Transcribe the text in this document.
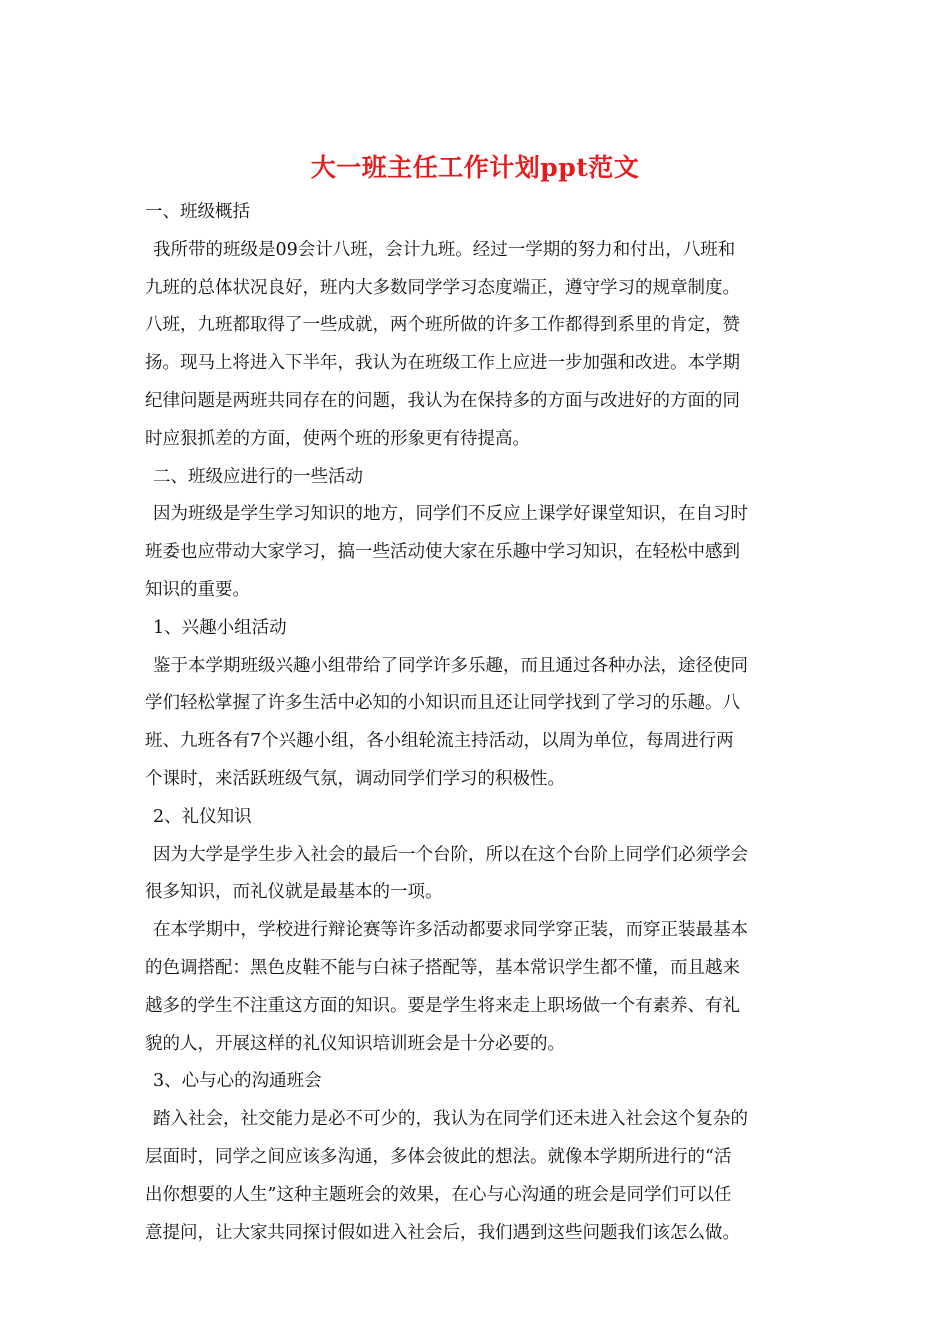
大一班主任工作计划ppt范文
一、班级概括
我所带的班级是09会计八班，会计九班。经过一学期的努力和付出，八班和
九班的总体状况良好，班内大多数同学学习态度端正，遵守学习的规章制度。
八班，九班都取得了一些成就，两个班所做的许多工作都得到系里的肯定，赞
扬。现马上将进入下半年，我认为在班级工作上应进一步加强和改进。本学期
纪律问题是两班共同存在的问题，我认为在保持多的方面与改进好的方面的同
时应狠抓差的方面，使两个班的形象更有待提高。
二、班级应进行的一些活动
因为班级是学生学习知识的地方，同学们不反应上课学好课堂知识，在自习时
班委也应带动大家学习，搞一些活动使大家在乐趣中学习知识，在轻松中感到
知识的重要。
1、兴趣小组活动
鉴于本学期班级兴趣小组带给了同学许多乐趣，而且通过各种办法，途径使同
学们轻松掌握了许多生活中必知的小知识而且还让同学找到了学习的乐趣。八
班、九班各有7个兴趣小组，各小组轮流主持活动，以周为单位，每周进行两
个课时，来活跃班级气氛，调动同学们学习的积极性。
2、礼仪知识
因为大学是学生步入社会的最后一个台阶，所以在这个台阶上同学们必须学会
很多知识，而礼仪就是最基本的一项。
在本学期中，学校进行辩论赛等许多活动都要求同学穿正装，而穿正装最基本
的色调搭配：黑色皮鞋不能与白袜子搭配等，基本常识学生都不懂，而且越来
越多的学生不注重这方面的知识。要是学生将来走上职场做一个有素养、有礼
貌的人，开展这样的礼仪知识培训班会是十分必要的。
3、心与心的沟通班会
踏入社会，社交能力是必不可少的，我认为在同学们还未进入社会这个复杂的
层面时，同学之间应该多沟通，多体会彼此的想法。就像本学期所进行的“活
出你想要的人生”这种主题班会的效果，在心与心沟通的班会是同学们可以任
意提问，让大家共同探讨假如进入社会后，我们遇到这些问题我们该怎么做。
